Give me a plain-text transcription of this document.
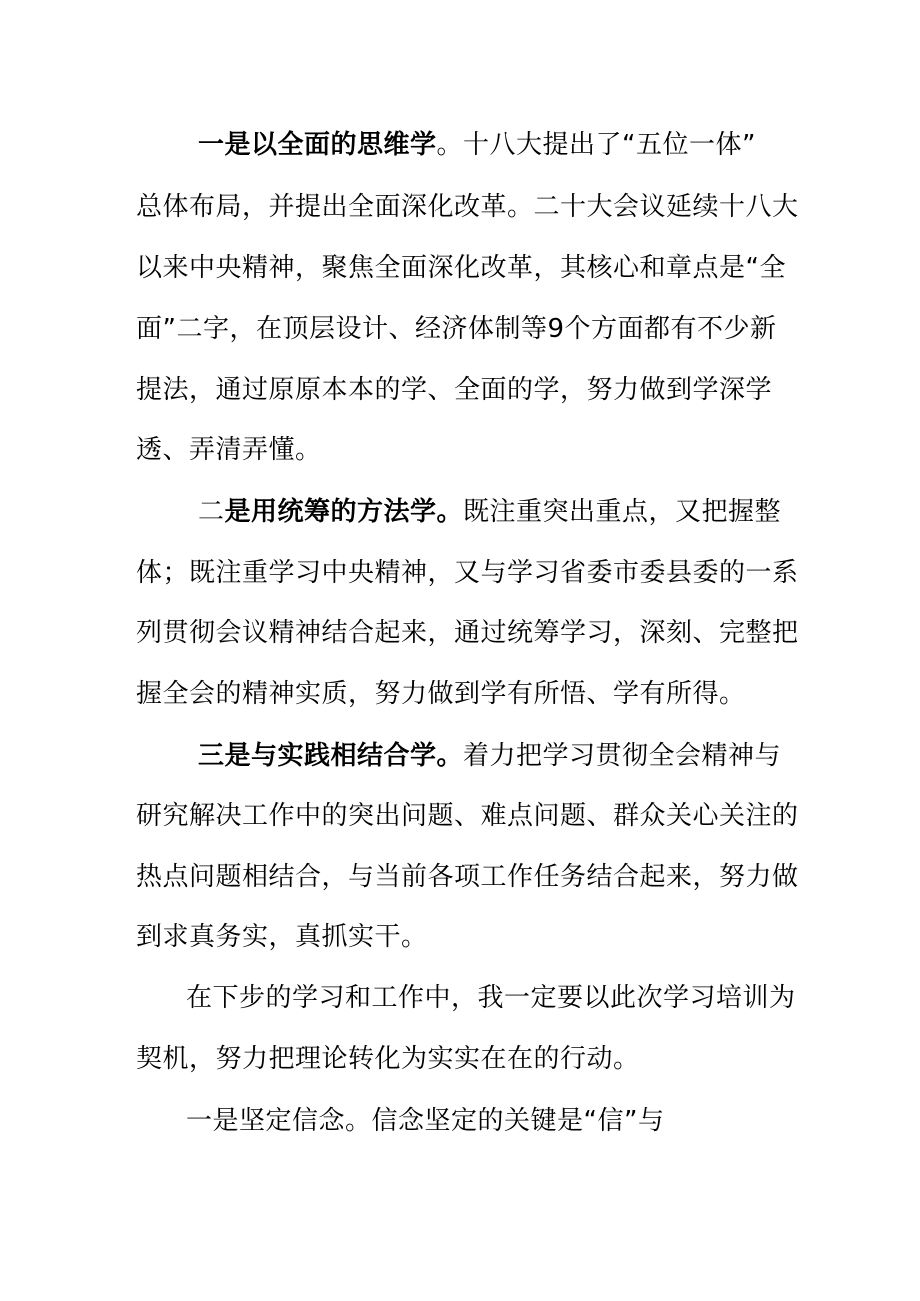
一是以全面的思维学。十八大提出了“五位一体”
总体布局，并提出全面深化改革。二十大会议延续十八大
以来中央精神，聚焦全面深化改革，其核心和章点是“全
面”二字，在顶层设计、经济体制等9个方面都有不少新
提法，通过原原本本的学、全面的学，努力做到学深学
透、弄清弄懂。
二是用统筹的方法学。既注重突出重点，又把握整
体；既注重学习中央精神，又与学习省委市委县委的一系
列贯彻会议精神结合起来，通过统筹学习，深刻、完整把
握全会的精神实质，努力做到学有所悟、学有所得。
三是与实践相结合学。着力把学习贯彻全会精神与
研究解决工作中的突出问题、难点问题、群众关心关注的
热点问题相结合，与当前各项工作任务结合起来，努力做
到求真务实，真抓实干。
在下步的学习和工作中，我一定要以此次学习培训为
契机，努力把理论转化为实实在在的行动。
一是坚定信念。信念坚定的关键是“信”与
